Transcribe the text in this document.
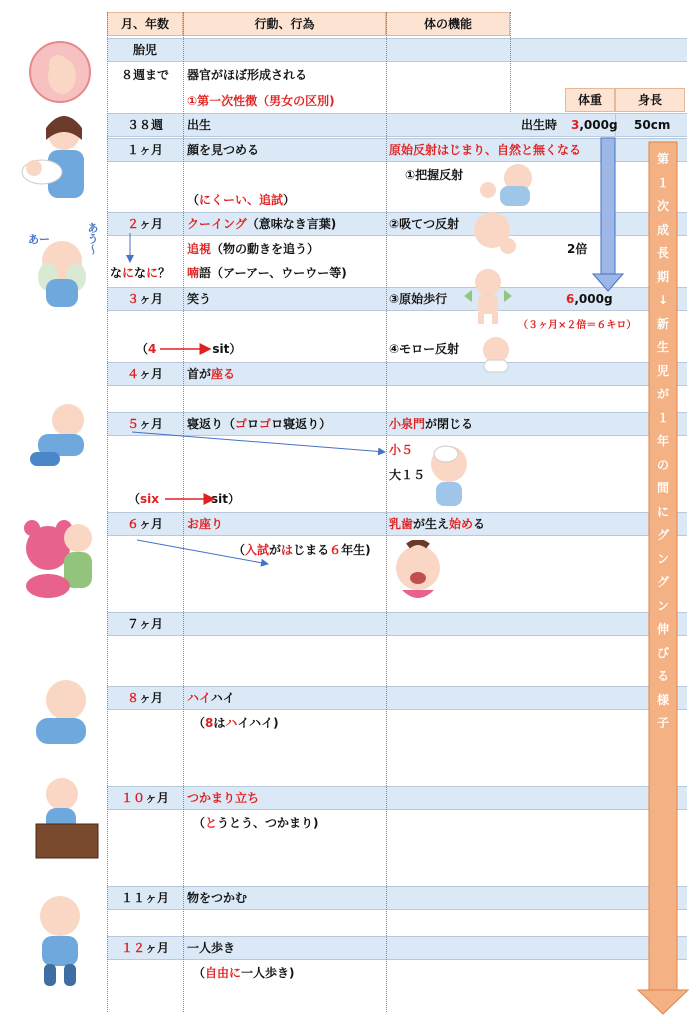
月、年数	行動、行為	体の機能
体重	身長
胎児
８週まで	器官がほぼ形成される
①第一次性徴（男女の区別)
３８週	出生	出生時 3,000g 50cm
１ヶ月	顔を見つめる	原始反射はじまり、自然と無くなる
①把握反射
（にくーい、追試）
２ヶ月	クーイング（意味なき言葉)	②吸てつ反射
追視（物の動きを追う）	2倍
喃語（アーアー、ウーウー等)
なになに？
３ヶ月	笑う	③原始歩行	6,000g
（３ヶ月×２倍＝６キロ）
（4	sit）	④モロー反射
４ヶ月	首が座る
５ヶ月	寝返り（ゴロゴロ寝返り）	小泉門が閉じる
小５
大１５
（six	sit）
６ヶ月	お座り	乳歯が生え始める
（入試がはじまる６年生)
７ヶ月
８ヶ月	ハイハイ
（8はハイハイ)
１０ヶ月	つかまり立ち
（とうとう、つかまり)
１１ヶ月	物をつかむ
１２ヶ月	一人歩き
（自由に一人歩き)
第
１
次
成
長
期
↓
新
生
児
が
１
年
の
間
に
グ
ン
グ
ン
伸
び
る
様
子
あー	あう～
